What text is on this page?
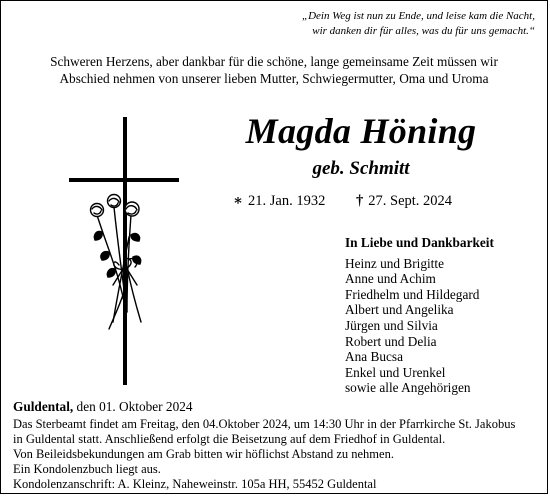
„Dein Weg ist nun zu Ende, und leise kam die Nacht,
wir danken dir für alles, was du für uns gemacht.“
Schweren Herzens, aber dankbar für die schöne, lange gemeinsame Zeit müssen wir
Abschied nehmen von unserer lieben Mutter, Schwiegermutter, Oma und Uroma
Magda Höning
geb. Schmitt
∗ 21. Jan. 1932 † 27. Sept. 2024
In Liebe und Dankbarkeit
Heinz und Brigitte
Anne und Achim
Friedhelm und Hildegard
Albert und Angelika
Jürgen und Silvia
Robert und Delia
Ana Bucsa
Enkel und Urenkel
sowie alle Angehörigen
Guldental, den 01. Oktober 2024
Das Sterbeamt findet am Freitag, den 04.Oktober 2024, um 14:30 Uhr in der Pfarrkirche St. Jakobus
in Guldental statt. Anschließend erfolgt die Beisetzung auf dem Friedhof in Guldental.
Von Beileidsbekundungen am Grab bitten wir höflichst Abstand zu nehmen.
Ein Kondolenzbuch liegt aus.
Kondolenzanschrift: A. Kleinz, Naheweinstr. 105a HH, 55452 Guldental
